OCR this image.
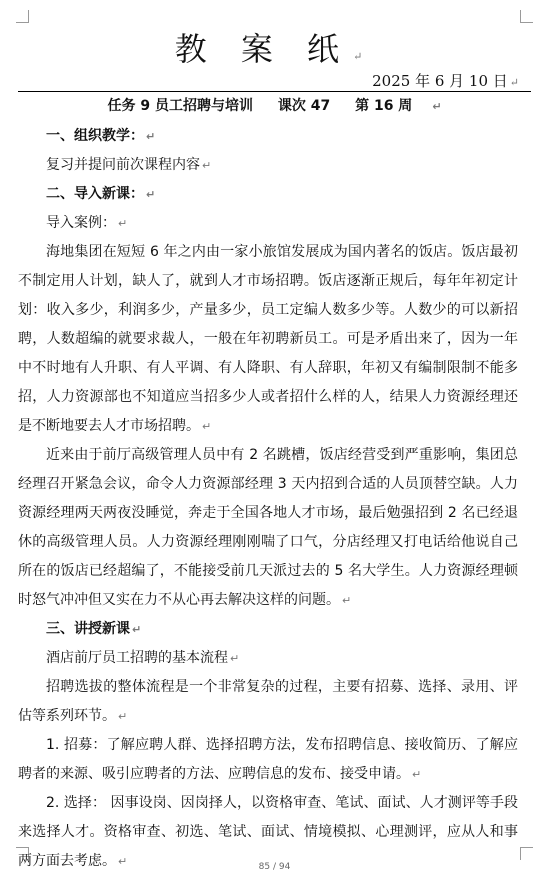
教 案 纸 ↵
2025 年 6 月 10 日 ↵
任务 9 员工招聘与培训 课次 47 第 16 周 ↵

一、组织教学： ↵

复习并提问前次课程内容 ↵

二、导入新课： ↵

导入案例： ↵

海地集团在短短 6 年之内由一家小旅馆发展成为国内著名的饭店。饭店最初不制定用人计划，缺人了，就到人才市场招聘。饭店逐渐正规后，每年年初定计划：收入多少，利润多少，产量多少，员工定编人数多少等。人数少的可以新招聘，人数超编的就要求裁人，一般在年初聘新员工。可是矛盾出来了，因为一年中不时地有人升职、有人平调、有人降职、有人辞职，年初又有编制限制不能多招，人力资源部也不知道应当招多少人或者招什么样的人，结果人力资源经理还是不断地要去人才市场招聘。 ↵

近来由于前厅高级管理人员中有 2 名跳槽，饭店经营受到严重影响，集团总经理召开紧急会议，命令人力资源部经理 3 天内招到合适的人员顶替空缺。人力资源经理两天两夜没睡觉，奔走于全国各地人才市场，最后勉强招到 2 名已经退休的高级管理人员。人力资源经理刚刚喘了口气，分店经理又打电话给他说自己所在的饭店已经超编了，不能接受前几天派过去的 5 名大学生。人力资源经理顿时怒气冲冲但又实在力不从心再去解决这样的问题。 ↵

三、讲授新课 ↵

酒店前厅员工招聘的基本流程 ↵

招聘选拔的整体流程是一个非常复杂的过程，主要有招募、选择、录用、评估等系列环节。 ↵

1. 招募：了解应聘人群、选择招聘方法，发布招聘信息、接收简历、了解应聘者的来源、吸引应聘者的方法、应聘信息的发布、接受申请。 ↵

2. 选择： 因事设岗、因岗择人，以资格审查、笔试、面试、人才测评等手段来选择人才。资格审查、初选、笔试、面试、情境模拟、心理测评，应从人和事两方面去考虑。 ↵	85 / 94
